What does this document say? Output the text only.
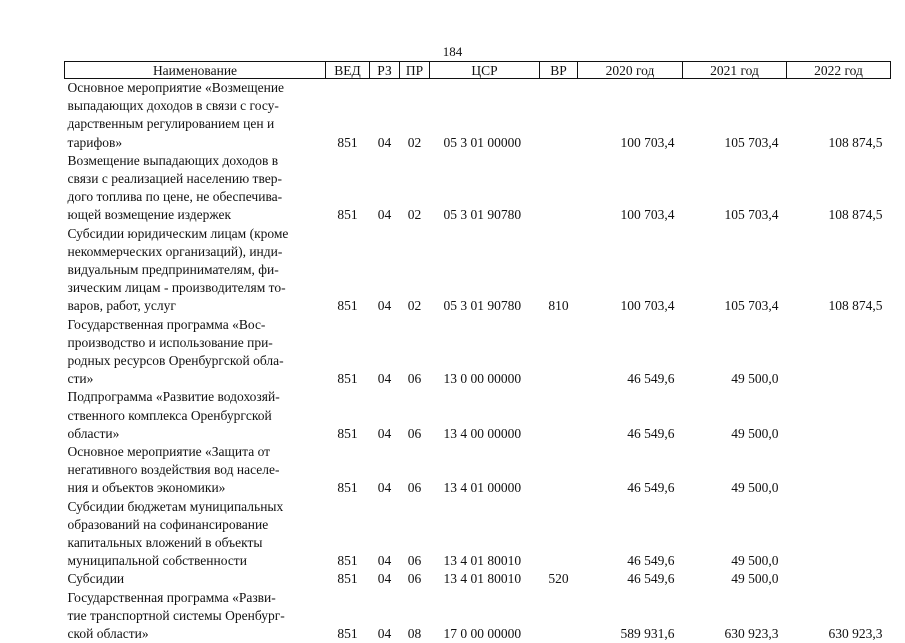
184
Наименование	ВЕД	РЗ	ПР	ЦСР	ВР	2020 год	2021 год	2022 год

Основное мероприятие «Возмещение
выпадающих доходов в связи с госу-
дарственным регулированием цен и
тарифов»	851	04	02	05 3 01 00000		100 703,4	105 703,4	108 874,5

Возмещение выпадающих доходов в
связи с реализацией населению твер-
дого топлива по цене, не обеспечива-
ющей возмещение издержек	851	04	02	05 3 01 90780		100 703,4	105 703,4	108 874,5

Субсидии юридическим лицам (кроме
некоммерческих организаций), инди-
видуальным предпринимателям, фи-
зическим лицам - производителям то-
варов, работ, услуг	851	04	02	05 3 01 90780	810	100 703,4	105 703,4	108 874,5

Государственная программа «Вос-
производство и использование при-
родных ресурсов Оренбургской обла-
сти»	851	04	06	13 0 00 00000		46 549,6	49 500,0	

Подпрограмма «Развитие водохозяй-
ственного комплекса Оренбургской
области»	851	04	06	13 4 00 00000		46 549,6	49 500,0	

Основное мероприятие «Защита от
негативного воздействия вод населе-
ния и объектов экономики»	851	04	06	13 4 01 00000		46 549,6	49 500,0	

Субсидии бюджетам муниципальных
образований на софинансирование
капитальных вложений в объекты
муниципальной собственности	851	04	06	13 4 01 80010		46 549,6	49 500,0	

Субсидии	851	04	06	13 4 01 80010	520	46 549,6	49 500,0	

Государственная программа «Разви-
тие транспортной системы Оренбург-
ской области»	851	04	08	17 0 00 00000		589 931,6	630 923,3	630 923,3
